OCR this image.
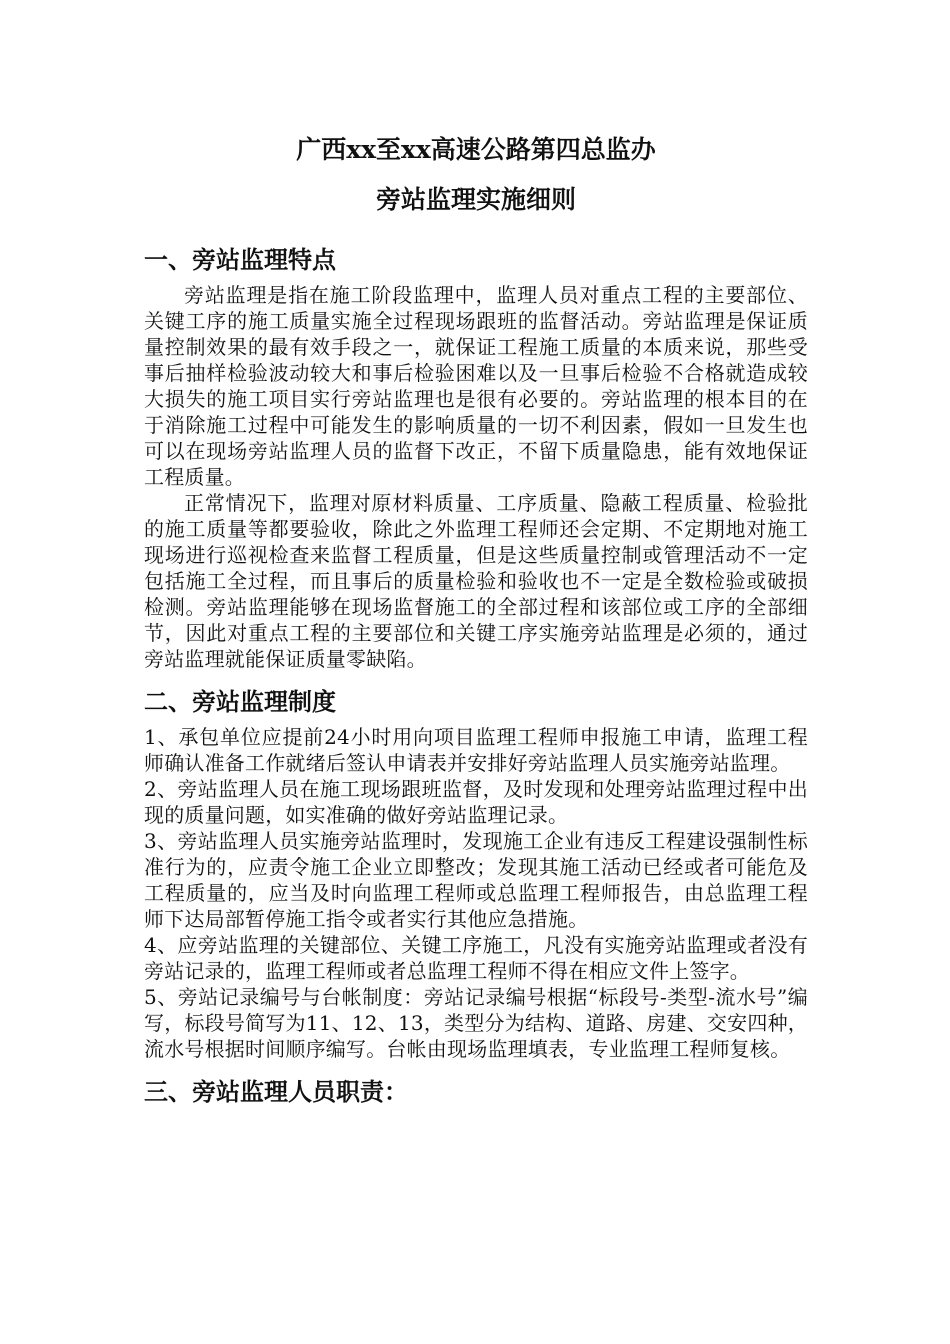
广西xx至xx高速公路第四总监办

旁站监理实施细则

一、旁站监理特点

旁站监理是指在施工阶段监理中，监理人员对重点工程的主要部位、关键工序的施工质量实施全过程现场跟班的监督活动。旁站监理是保证质量控制效果的最有效手段之一，就保证工程施工质量的本质来说，那些受事后抽样检验波动较大和事后检验困难以及一旦事后检验不合格就造成较大损失的施工项目实行旁站监理也是很有必要的。旁站监理的根本目的在于消除施工过程中可能发生的影响质量的一切不利因素，假如一旦发生也可以在现场旁站监理人员的监督下改正，不留下质量隐患，能有效地保证工程质量。

正常情况下，监理对原材料质量、工序质量、隐蔽工程质量、检验批的施工质量等都要验收，除此之外监理工程师还会定期、不定期地对施工现场进行巡视检查来监督工程质量，但是这些质量控制或管理活动不一定包括施工全过程，而且事后的质量检验和验收也不一定是全数检验或破损检测。旁站监理能够在现场监督施工的全部过程和该部位或工序的全部细节，因此对重点工程的主要部位和关键工序实施旁站监理是必须的，通过旁站监理就能保证质量零缺陷。

二、旁站监理制度

1、承包单位应提前24小时用向项目监理工程师申报施工申请，监理工程师确认准备工作就绪后签认申请表并安排好旁站监理人员实施旁站监理。

2、旁站监理人员在施工现场跟班监督，及时发现和处理旁站监理过程中出现的质量问题，如实准确的做好旁站监理记录。

3、旁站监理人员实施旁站监理时，发现施工企业有违反工程建设强制性标准行为的，应责令施工企业立即整改；发现其施工活动已经或者可能危及工程质量的，应当及时向监理工程师或总监理工程师报告，由总监理工程师下达局部暂停施工指令或者实行其他应急措施。

4、应旁站监理的关键部位、关键工序施工，凡没有实施旁站监理或者没有旁站记录的，监理工程师或者总监理工程师不得在相应文件上签字。

5、旁站记录编号与台帐制度：旁站记录编号根据“标段号-类型-流水号”编写，标段号简写为11、12、13，类型分为结构、道路、房建、交安四种，流水号根据时间顺序编写。台帐由现场监理填表，专业监理工程师复核。

三、旁站监理人员职责：
